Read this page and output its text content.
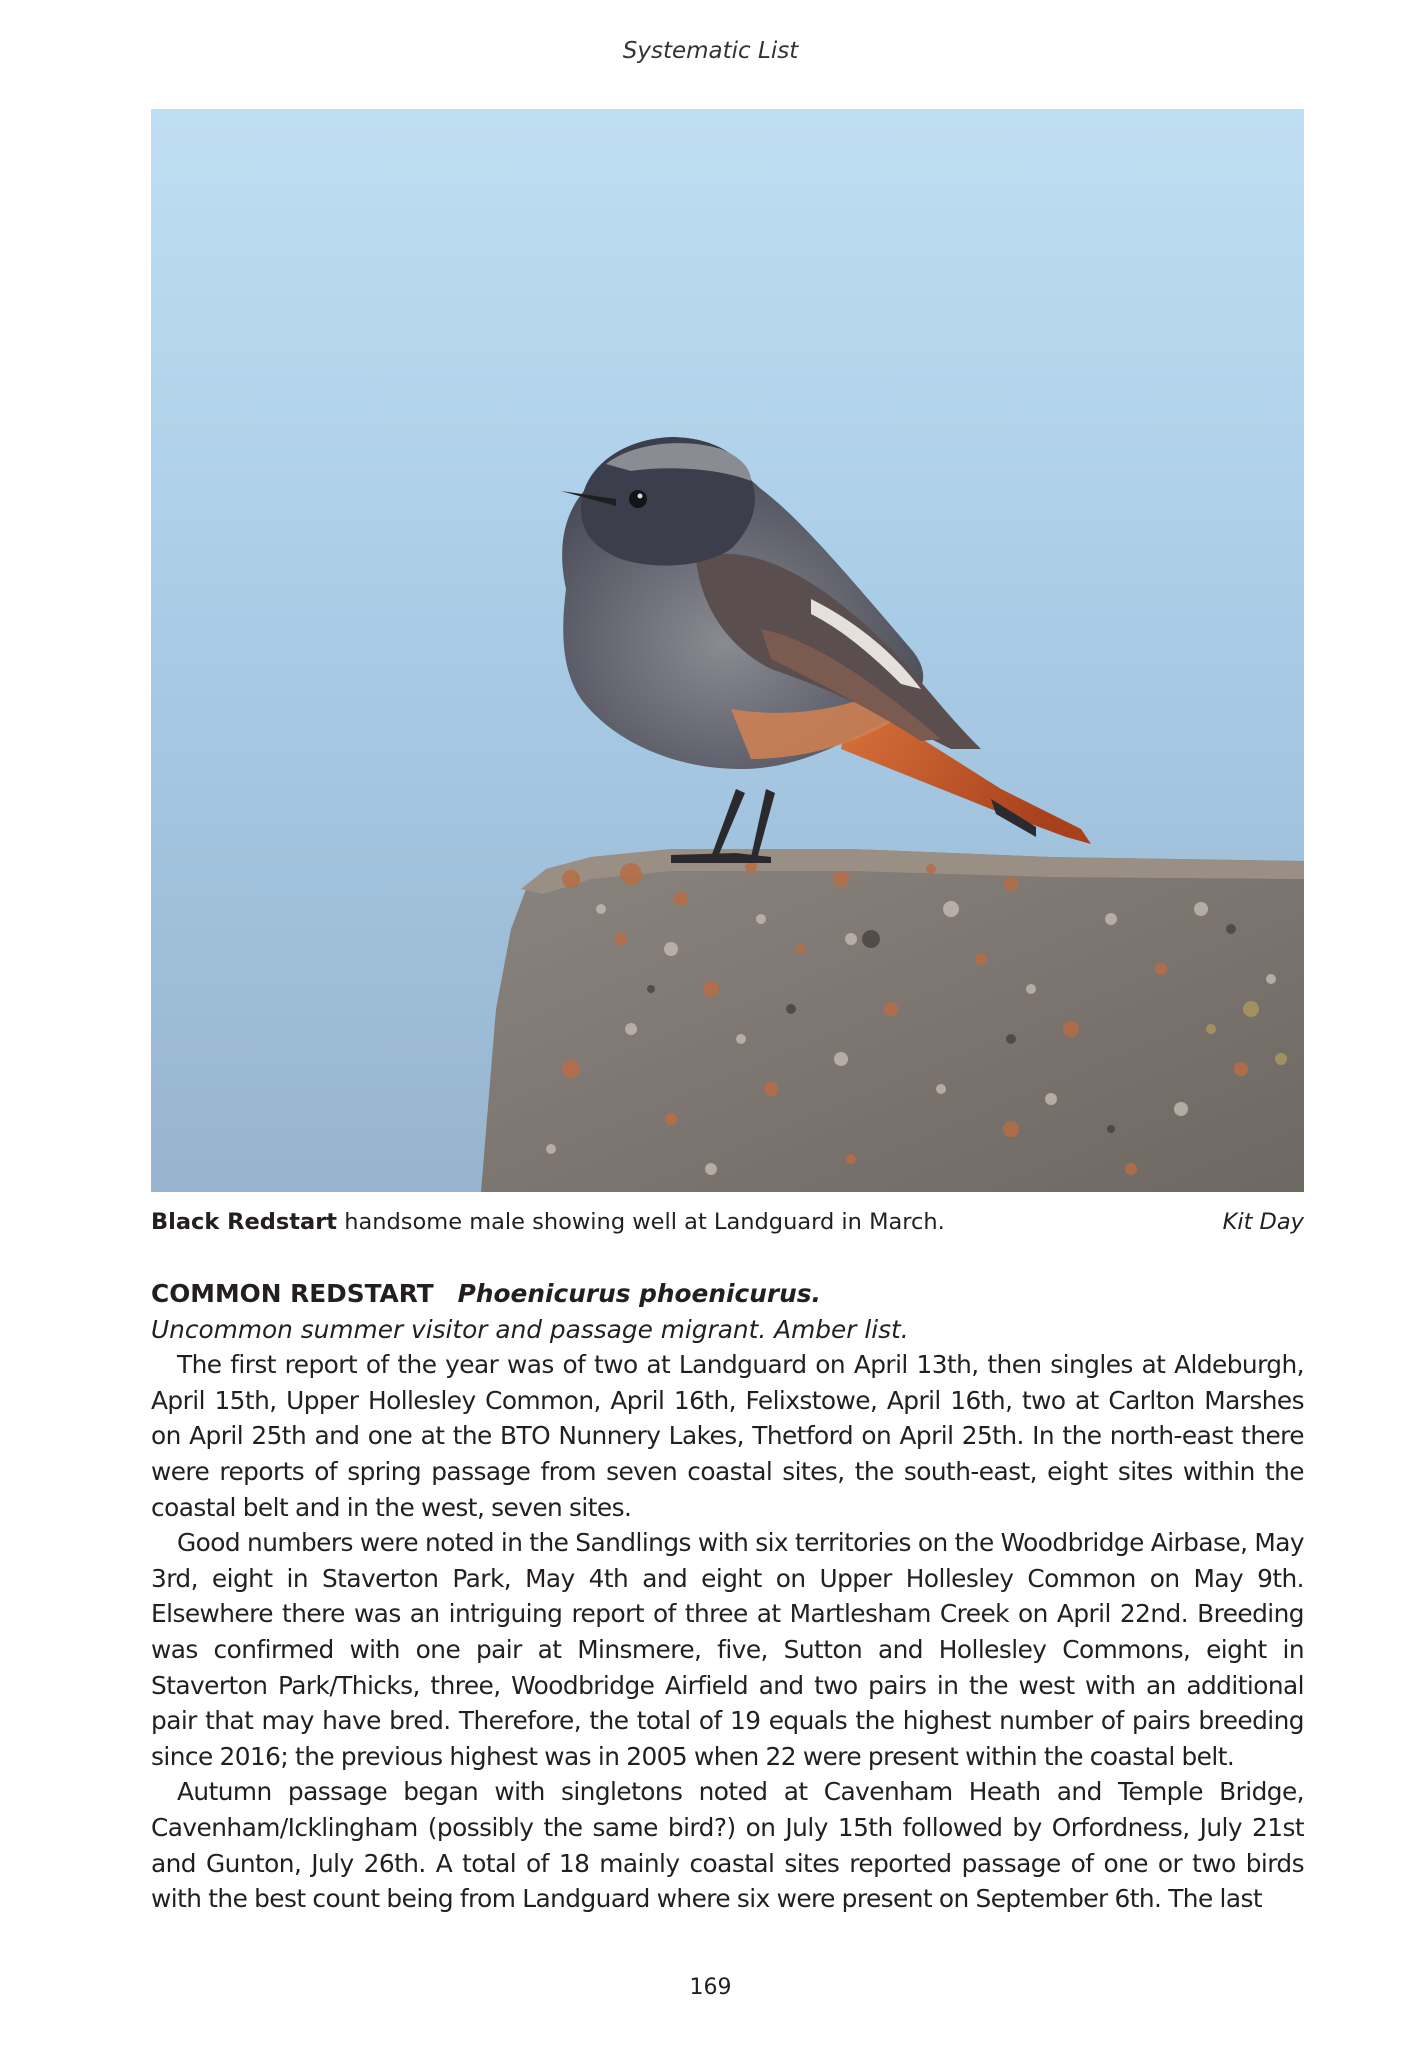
Systematic List
Black Redstart handsome male showing well at Landguard in March.	Kit Day

COMMON REDSTART Phoenicurus phoenicurus.

Uncommon summer visitor and passage migrant. Amber list.

The first report of the year was of two at Landguard on April 13th, then singles at Aldeburgh, April 15th, Upper Hollesley Common, April 16th, Felixstowe, April 16th, two at Carlton Marshes on April 25th and one at the BTO Nunnery Lakes, Thetford on April 25th. In the north-east there were reports of spring passage from seven coastal sites, the south-east, eight sites within the coastal belt and in the west, seven sites.

Good numbers were noted in the Sandlings with six territories on the Woodbridge Airbase, May 3rd, eight in Staverton Park, May 4th and eight on Upper Hollesley Common on May 9th. Elsewhere there was an intriguing report of three at Martlesham Creek on April 22nd. Breeding was confirmed with one pair at Minsmere, five, Sutton and Hollesley Commons, eight in Staverton Park/Thicks, three, Woodbridge Airfield and two pairs in the west with an additional pair that may have bred. Therefore, the total of 19 equals the highest number of pairs breeding since 2016; the previous highest was in 2005 when 22 were present within the coastal belt.

Autumn passage began with singletons noted at Cavenham Heath and Temple Bridge, Cavenham/Icklingham (possibly the same bird?) on July 15th followed by Orfordness, July 21st and Gunton, July 26th. A total of 18 mainly coastal sites reported passage of one or two birds with the best count being from Landguard where six were present on September 6th. The last

169
